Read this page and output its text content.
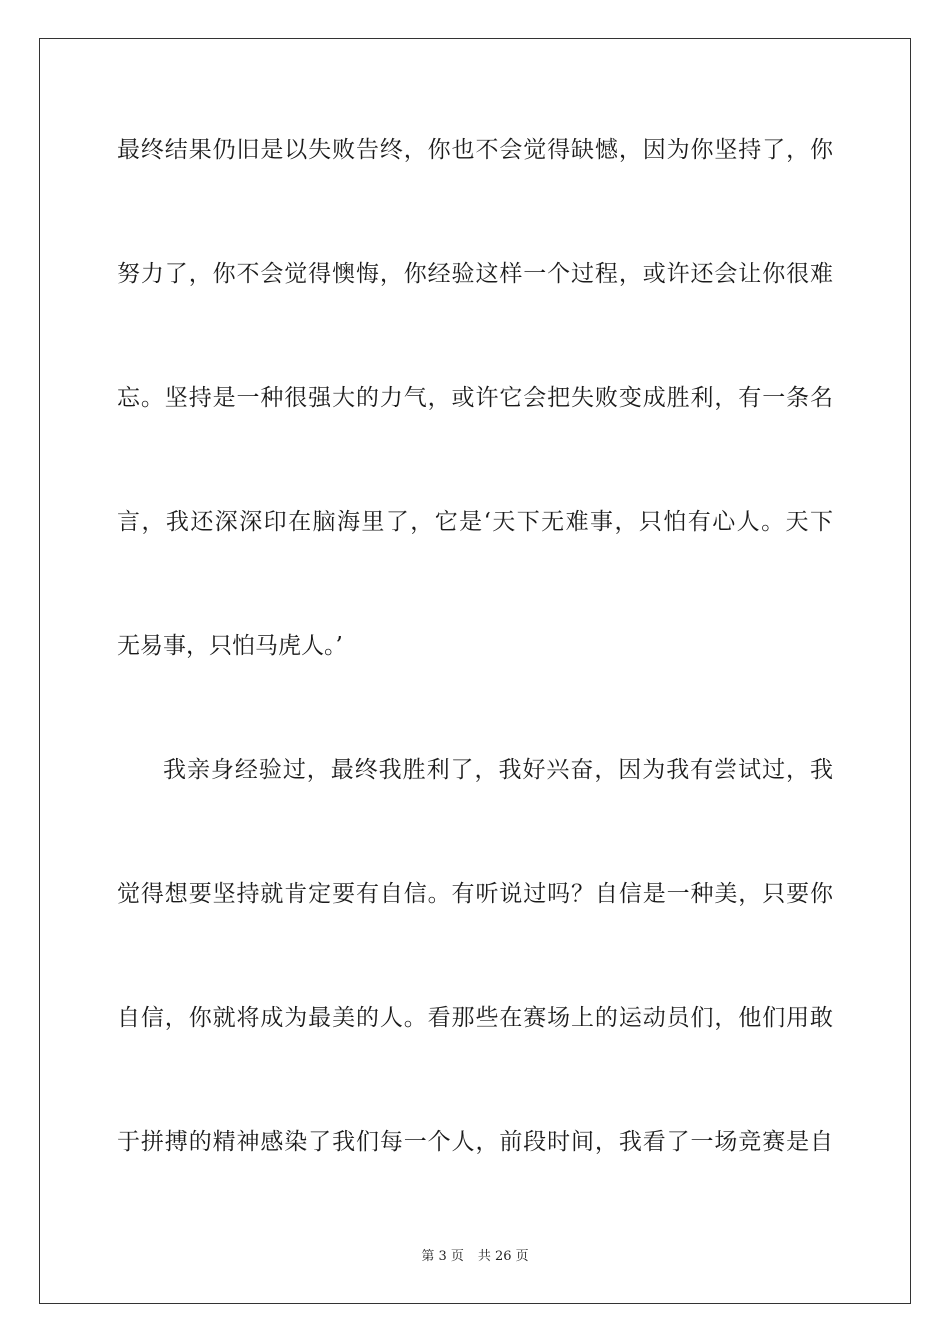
最终结果仍旧是以失败告终，你也不会觉得缺憾，因为你坚持了，你
努力了，你不会觉得懊悔，你经验这样一个过程，或许还会让你很难
忘。坚持是一种很强大的力气，或许它会把失败变成胜利，有一条名
言，我还深深印在脑海里了，它是‘天下无难事，只怕有心人。天下
无易事，只怕马虎人。’
我亲身经验过，最终我胜利了，我好兴奋，因为我有尝试过，我
觉得想要坚持就肯定要有自信。有听说过吗？自信是一种美，只要你
自信，你就将成为最美的人。看那些在赛场上的运动员们，他们用敢
于拼搏的精神感染了我们每一个人，前段时间，我看了一场竞赛是自
第 3 页 共 26 页
